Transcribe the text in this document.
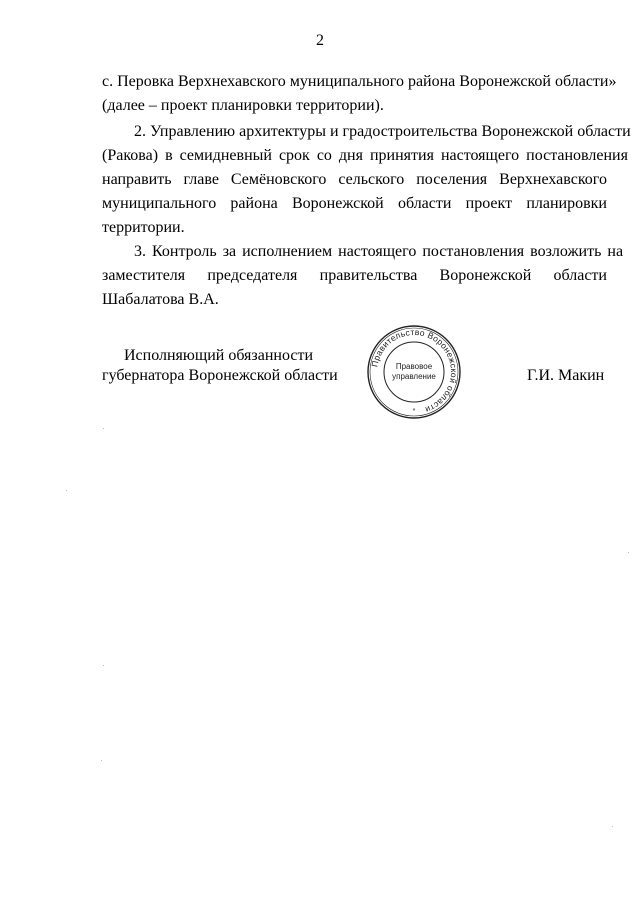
2
с. Перовка Верхнехавского муниципального района Воронежской области»
(далее – проект планировки территории).
2. Управлению архитектуры и градостроительства Воронежской области
(Ракова) в семидневный срок со дня принятия настоящего постановления
направить главе Семёновского сельского поселения Верхнехавского
муниципального района Воронежской области проект планировки
территории.
3. Контроль за исполнением настоящего постановления возложить на
заместителя председателя правительства Воронежской области
Шабалатова В.А.
Исполняющий обязанности
губернатора Воронежской области	Г.И. Макин
Правительство Воронежской области
Правовое
управление
*
